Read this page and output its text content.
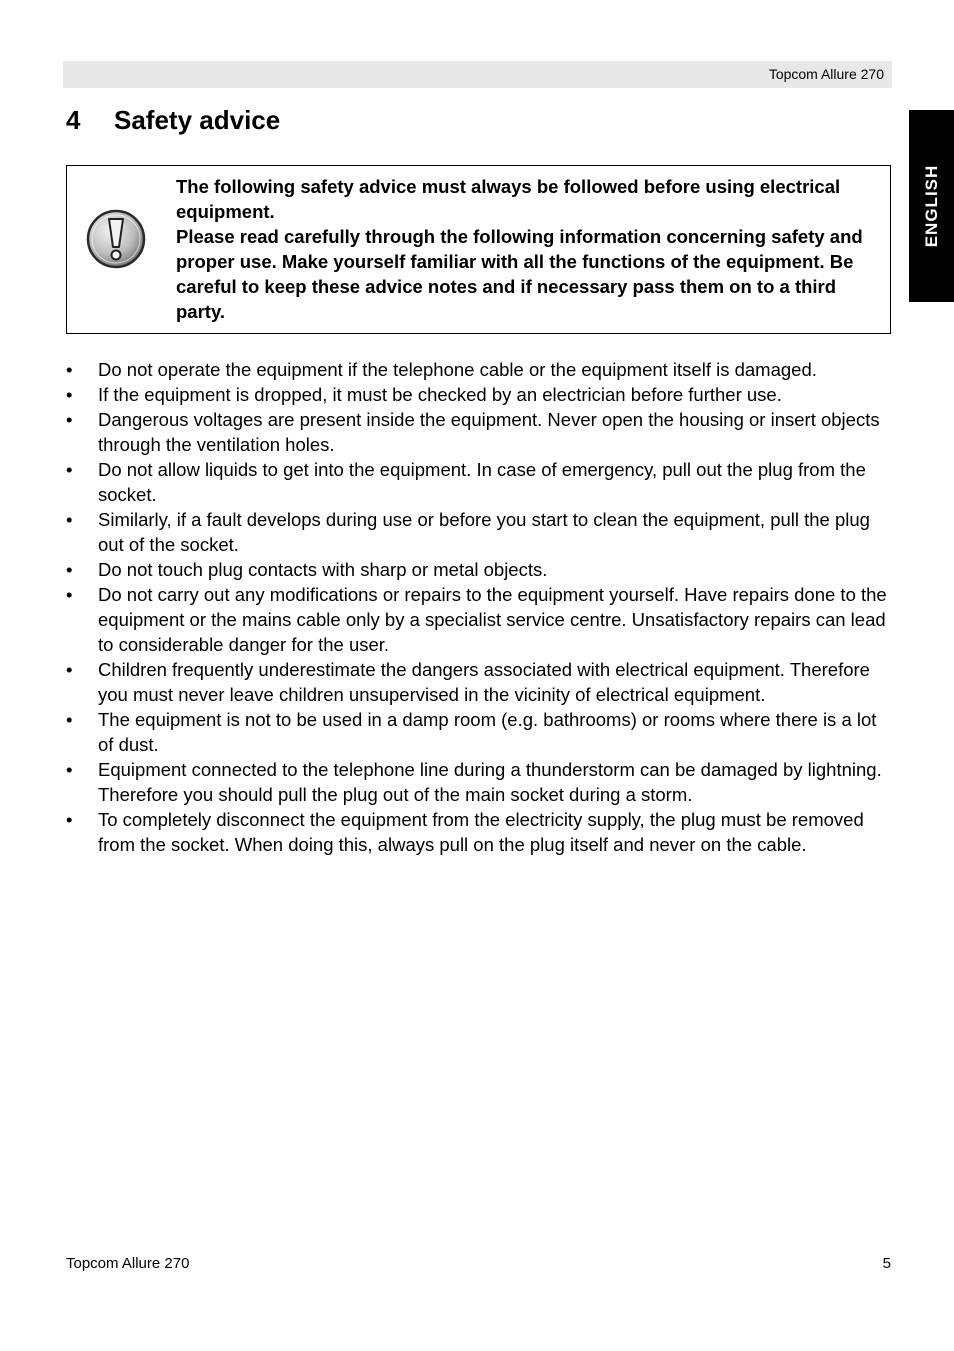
Topcom Allure 270
ENGLISH
4 Safety advice

The following safety advice must always be followed before using electrical equipment.

Please read carefully through the following information concerning safety and proper use. Make yourself familiar with all the functions of the equipment. Be careful to keep these advice notes and if necessary pass them on to a third party.

• Do not operate the equipment if the telephone cable or the equipment itself is damaged.
• If the equipment is dropped, it must be checked by an electrician before further use.
• Dangerous voltages are present inside the equipment. Never open the housing or insert objects through the ventilation holes.
• Do not allow liquids to get into the equipment. In case of emergency, pull out the plug from the socket.
• Similarly, if a fault develops during use or before you start to clean the equipment, pull the plug out of the socket.
• Do not touch plug contacts with sharp or metal objects.
• Do not carry out any modifications or repairs to the equipment yourself. Have repairs done to the equipment or the mains cable only by a specialist service centre. Unsatisfactory repairs can lead to considerable danger for the user.
• Children frequently underestimate the dangers associated with electrical equipment. Therefore you must never leave children unsupervised in the vicinity of electrical equipment.
• The equipment is not to be used in a damp room (e.g. bathrooms) or rooms where there is a lot of dust.
• Equipment connected to the telephone line during a thunderstorm can be damaged by lightning. Therefore you should pull the plug out of the main socket during a storm.
• To completely disconnect the equipment from the electricity supply, the plug must be removed from the socket. When doing this, always pull on the plug itself and never on the cable.
Topcom Allure 270	5
